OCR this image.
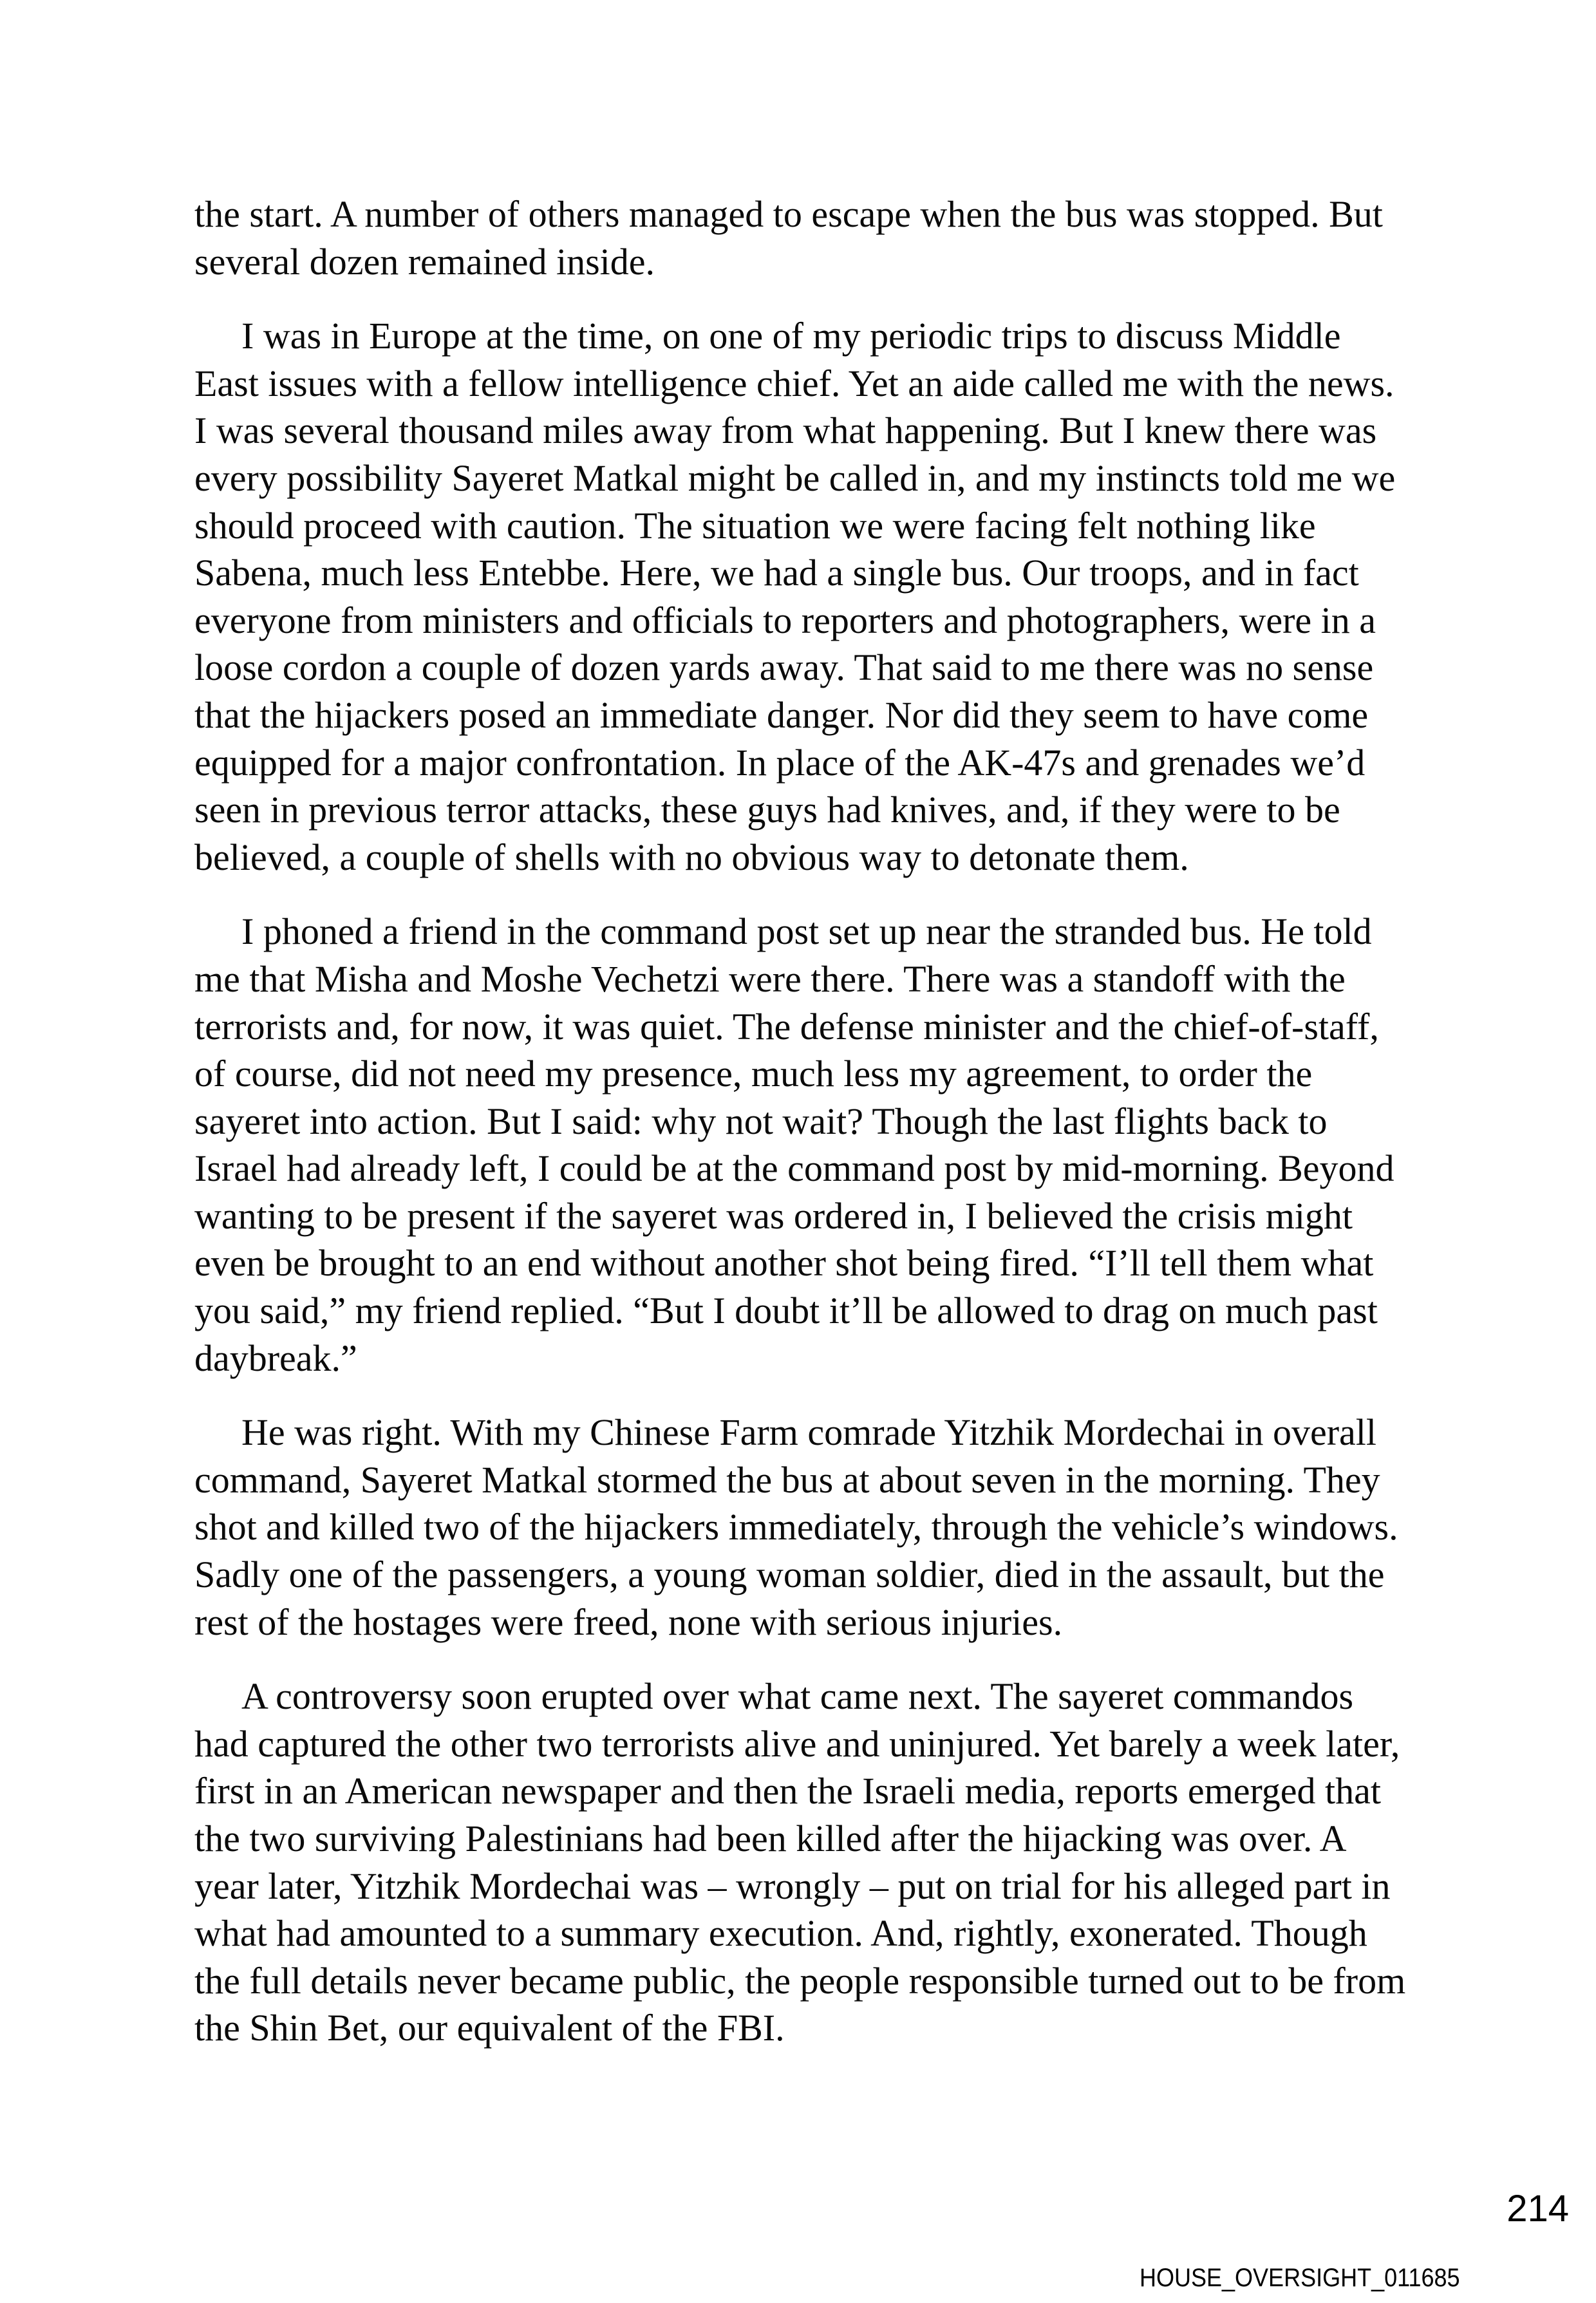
the start. A number of others managed to escape when the bus was stopped. But
several dozen remained inside.

I was in Europe at the time, on one of my periodic trips to discuss Middle
East issues with a fellow intelligence chief. Yet an aide called me with the news.
I was several thousand miles away from what happening. But I knew there was
every possibility Sayeret Matkal might be called in, and my instincts told me we
should proceed with caution. The situation we were facing felt nothing like
Sabena, much less Entebbe. Here, we had a single bus. Our troops, and in fact
everyone from ministers and officials to reporters and photographers, were in a
loose cordon a couple of dozen yards away. That said to me there was no sense
that the hijackers posed an immediate danger. Nor did they seem to have come
equipped for a major confrontation. In place of the AK-47s and grenades we’d
seen in previous terror attacks, these guys had knives, and, if they were to be
believed, a couple of shells with no obvious way to detonate them.

I phoned a friend in the command post set up near the stranded bus. He told
me that Misha and Moshe Vechetzi were there. There was a standoff with the
terrorists and, for now, it was quiet. The defense minister and the chief-of-staff,
of course, did not need my presence, much less my agreement, to order the
sayeret into action. But I said: why not wait? Though the last flights back to
Israel had already left, I could be at the command post by mid-morning. Beyond
wanting to be present if the sayeret was ordered in, I believed the crisis might
even be brought to an end without another shot being fired. “I’ll tell them what
you said,” my friend replied. “But I doubt it’ll be allowed to drag on much past
daybreak.”

He was right. With my Chinese Farm comrade Yitzhik Mordechai in overall
command, Sayeret Matkal stormed the bus at about seven in the morning. They
shot and killed two of the hijackers immediately, through the vehicle’s windows.
Sadly one of the passengers, a young woman soldier, died in the assault, but the
rest of the hostages were freed, none with serious injuries.

A controversy soon erupted over what came next. The sayeret commandos
had captured the other two terrorists alive and uninjured. Yet barely a week later,
first in an American newspaper and then the Israeli media, reports emerged that
the two surviving Palestinians had been killed after the hijacking was over. A
year later, Yitzhik Mordechai was – wrongly – put on trial for his alleged part in
what had amounted to a summary execution. And, rightly, exonerated. Though
the full details never became public, the people responsible turned out to be from
the Shin Bet, our equivalent of the FBI.

214
HOUSE_OVERSIGHT_011685
